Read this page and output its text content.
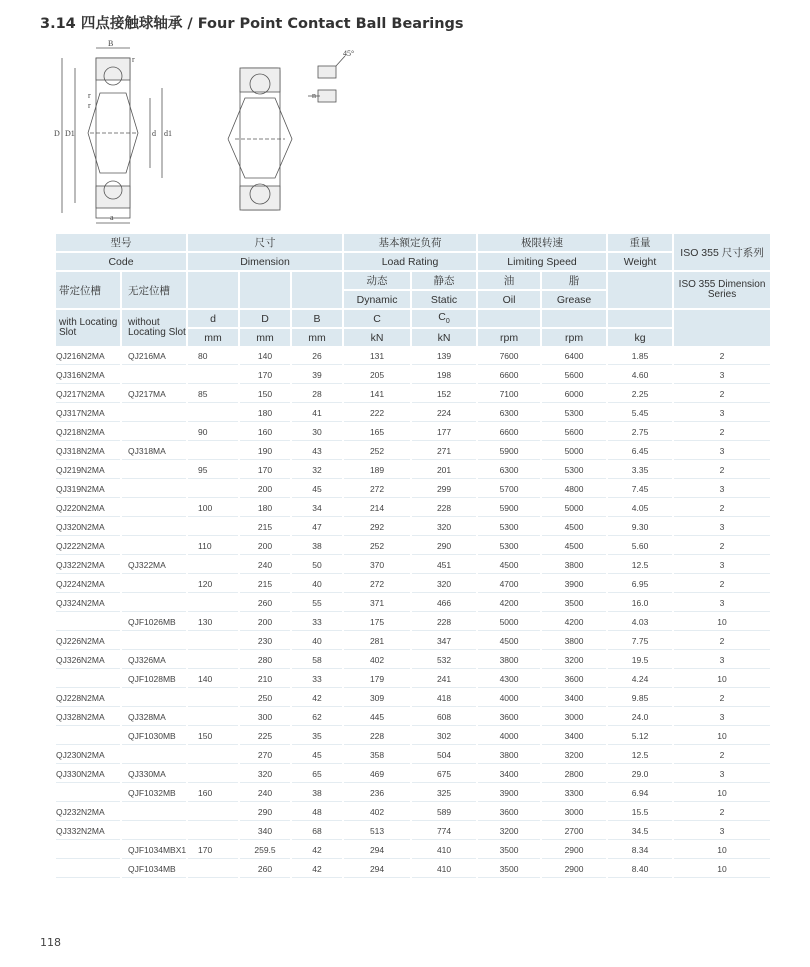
3.14 四点接触球轴承 / Four Point Contact Ball Bearings
B
r
r
r
D D1	d d1
a
45°
n
型号		尺寸			基本额定负荷		极限转速		重量	ISO 355 尺寸系列
Code		Dimension			Load Rating		Limiting Speed		Weight	
带定位槽	无定位槽				动态	静态	油	脂		ISO 355 Dimension Series
					Dynamic	Static	Oil	Grease		
with Locating Slot	without Locating Slot	d	D	B	C	$C_0$				
		mm	mm	mm	kN	kN	rpm	rpm	kg	
QJ216N2MA	QJ216MA	80	140	26	131	139	7600	6400	1.85	2
QJ316N2MA			170	39	205	198	6600	5600	4.60	3
QJ217N2MA	QJ217MA	85	150	28	141	152	7100	6000	2.25	2
QJ317N2MA			180	41	222	224	6300	5300	5.45	3
QJ218N2MA		90	160	30	165	177	6600	5600	2.75	2
QJ318N2MA	QJ318MA		190	43	252	271	5900	5000	6.45	3
QJ219N2MA		95	170	32	189	201	6300	5300	3.35	2
QJ319N2MA			200	45	272	299	5700	4800	7.45	3
QJ220N2MA		100	180	34	214	228	5900	5000	4.05	2
QJ320N2MA			215	47	292	320	5300	4500	9.30	3
QJ222N2MA		110	200	38	252	290	5300	4500	5.60	2
QJ322N2MA	QJ322MA		240	50	370	451	4500	3800	12.5	3
QJ224N2MA		120	215	40	272	320	4700	3900	6.95	2
QJ324N2MA			260	55	371	466	4200	3500	16.0	3
	QJF1026MB	130	200	33	175	228	5000	4200	4.03	10
QJ226N2MA			230	40	281	347	4500	3800	7.75	2
QJ326N2MA	QJ326MA		280	58	402	532	3800	3200	19.5	3
	QJF1028MB	140	210	33	179	241	4300	3600	4.24	10
QJ228N2MA			250	42	309	418	4000	3400	9.85	2
QJ328N2MA	QJ328MA		300	62	445	608	3600	3000	24.0	3
	QJF1030MB	150	225	35	228	302	4000	3400	5.12	10
QJ230N2MA			270	45	358	504	3800	3200	12.5	2
QJ330N2MA	QJ330MA		320	65	469	675	3400	2800	29.0	3
	QJF1032MB	160	240	38	236	325	3900	3300	6.94	10
QJ232N2MA			290	48	402	589	3600	3000	15.5	2
QJ332N2MA			340	68	513	774	3200	2700	34.5	3
	QJF1034MBX1	170	259.5	42	294	410	3500	2900	8.34	10
	QJF1034MB		260	42	294	410	3500	2900	8.40	10
118
